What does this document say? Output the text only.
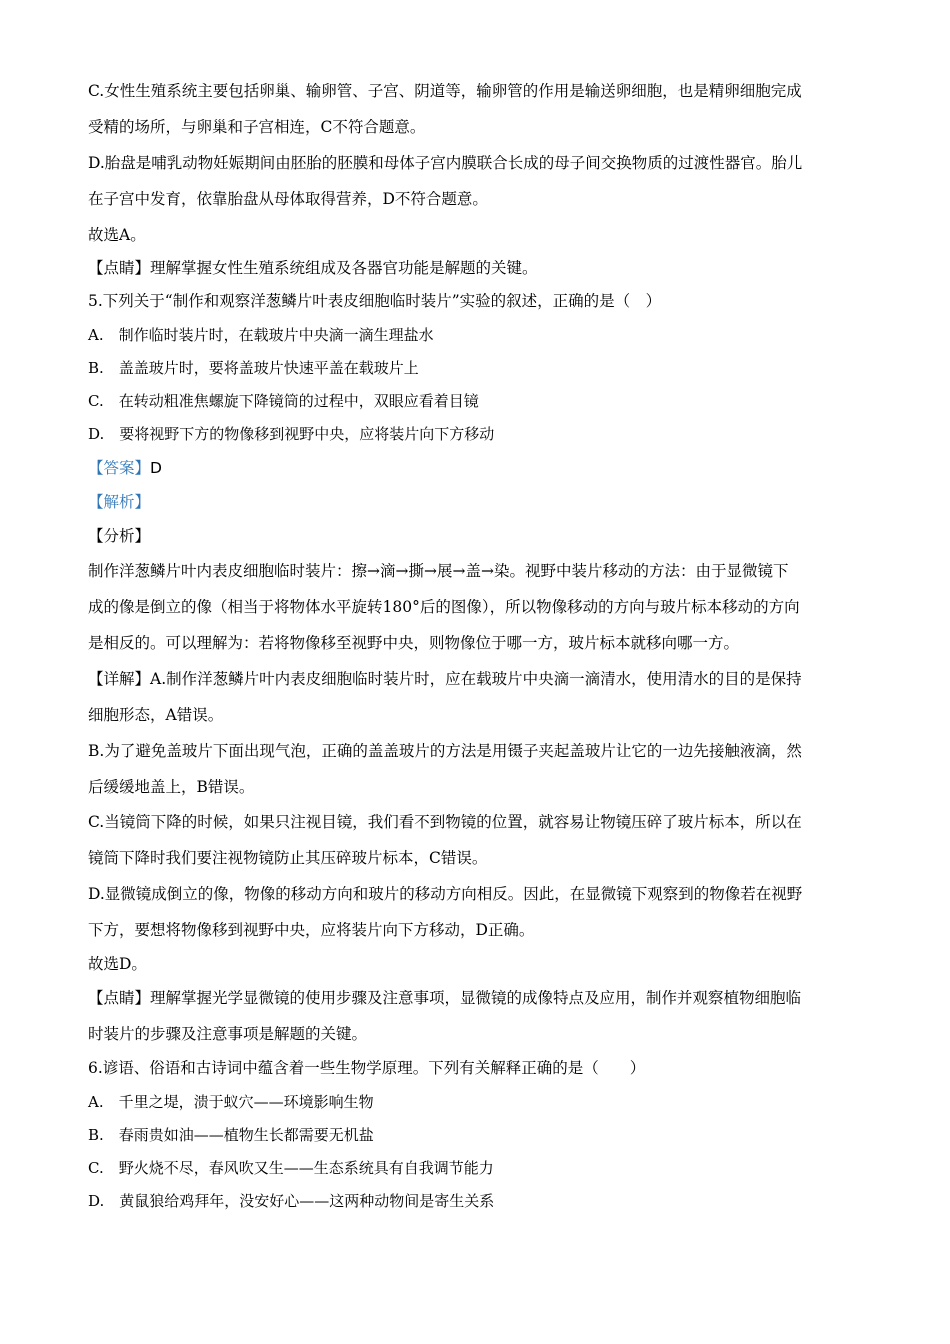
C.女性生殖系统主要包括卵巢、输卵管、子宫、阴道等，输卵管的作用是输送卵细胞，也是精卵细胞完成
受精的场所，与卵巢和子宫相连，C不符合题意。
D.胎盘是哺乳动物妊娠期间由胚胎的胚膜和母体子宫内膜联合长成的母子间交换物质的过渡性器官。胎儿
在子宫中发育，依靠胎盘从母体取得营养，D不符合题意。
故选A。
【点睛】理解掌握女性生殖系统组成及各器官功能是解题的关键。
5.下列关于“制作和观察洋葱鳞片叶表皮细胞临时装片”实验的叙述，正确的是（　）
A.　制作临时装片时，在载玻片中央滴一滴生理盐水
B.　盖盖玻片时，要将盖玻片快速平盖在载玻片上
C.　在转动粗准焦螺旋下降镜筒的过程中，双眼应看着目镜
D.　要将视野下方的物像移到视野中央，应将装片向下方移动
【答案】D
【解析】
【分析】
制作洋葱鳞片叶内表皮细胞临时装片：擦→滴→撕→展→盖→染。视野中装片移动的方法：由于显微镜下
成的像是倒立的像（相当于将物体水平旋转180°后的图像），所以物像移动的方向与玻片标本移动的方向
是相反的。可以理解为：若将物像移至视野中央，则物像位于哪一方，玻片标本就移向哪一方。
【详解】A.制作洋葱鳞片叶内表皮细胞临时装片时，应在载玻片中央滴一滴清水，使用清水的目的是保持
细胞形态，A错误。
B.为了避免盖玻片下面出现气泡，正确的盖盖玻片的方法是用镊子夹起盖玻片让它的一边先接触液滴，然
后缓缓地盖上，B错误。
C.当镜筒下降的时候，如果只注视目镜，我们看不到物镜的位置，就容易让物镜压碎了玻片标本，所以在
镜筒下降时我们要注视物镜防止其压碎玻片标本，C错误。
D.显微镜成倒立的像，物像的移动方向和玻片的移动方向相反。因此，在显微镜下观察到的物像若在视野
下方，要想将物像移到视野中央，应将装片向下方移动，D正确。
故选D。
【点睛】理解掌握光学显微镜的使用步骤及注意事项，显微镜的成像特点及应用，制作并观察植物细胞临
时装片的步骤及注意事项是解题的关键。
6.谚语、俗语和古诗词中蕴含着一些生物学原理。下列有关解释正确的是（　　）
A.　千里之堤，溃于蚁穴——环境影响生物
B.　春雨贵如油——植物生长都需要无机盐
C.　野火烧不尽，春风吹又生——生态系统具有自我调节能力
D.　黄鼠狼给鸡拜年，没安好心——这两种动物间是寄生关系
